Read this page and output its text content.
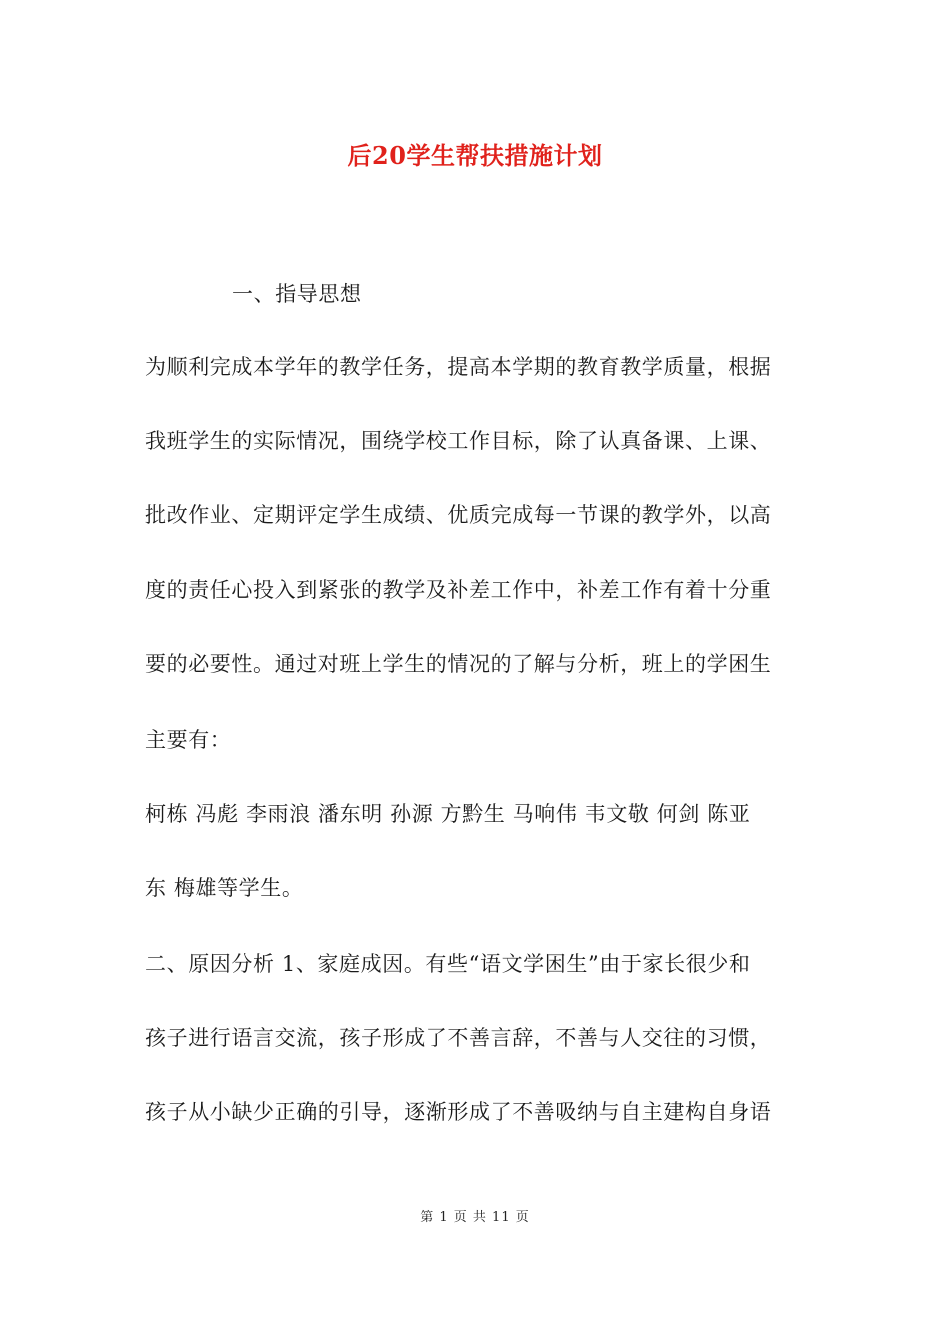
后20学生帮扶措施计划
一、指导思想
为顺利完成本学年的教学任务，提高本学期的教育教学质量，根据
我班学生的实际情况，围绕学校工作目标，除了认真备课、上课、
批改作业、定期评定学生成绩、优质完成每一节课的教学外，以高
度的责任心投入到紧张的教学及补差工作中，补差工作有着十分重
要的必要性。通过对班上学生的情况的了解与分析，班上的学困生
主要有：
柯栋 冯彪 李雨浪 潘东明 孙源 方黔生 马响伟 韦文敬 何剑 陈亚
东 梅雄等学生。
二、原因分析 1、家庭成因。有些“语文学困生”由于家长很少和
孩子进行语言交流，孩子形成了不善言辞，不善与人交往的习惯，
孩子从小缺少正确的引导，逐渐形成了不善吸纳与自主建构自身语
第 1 页 共 11 页
